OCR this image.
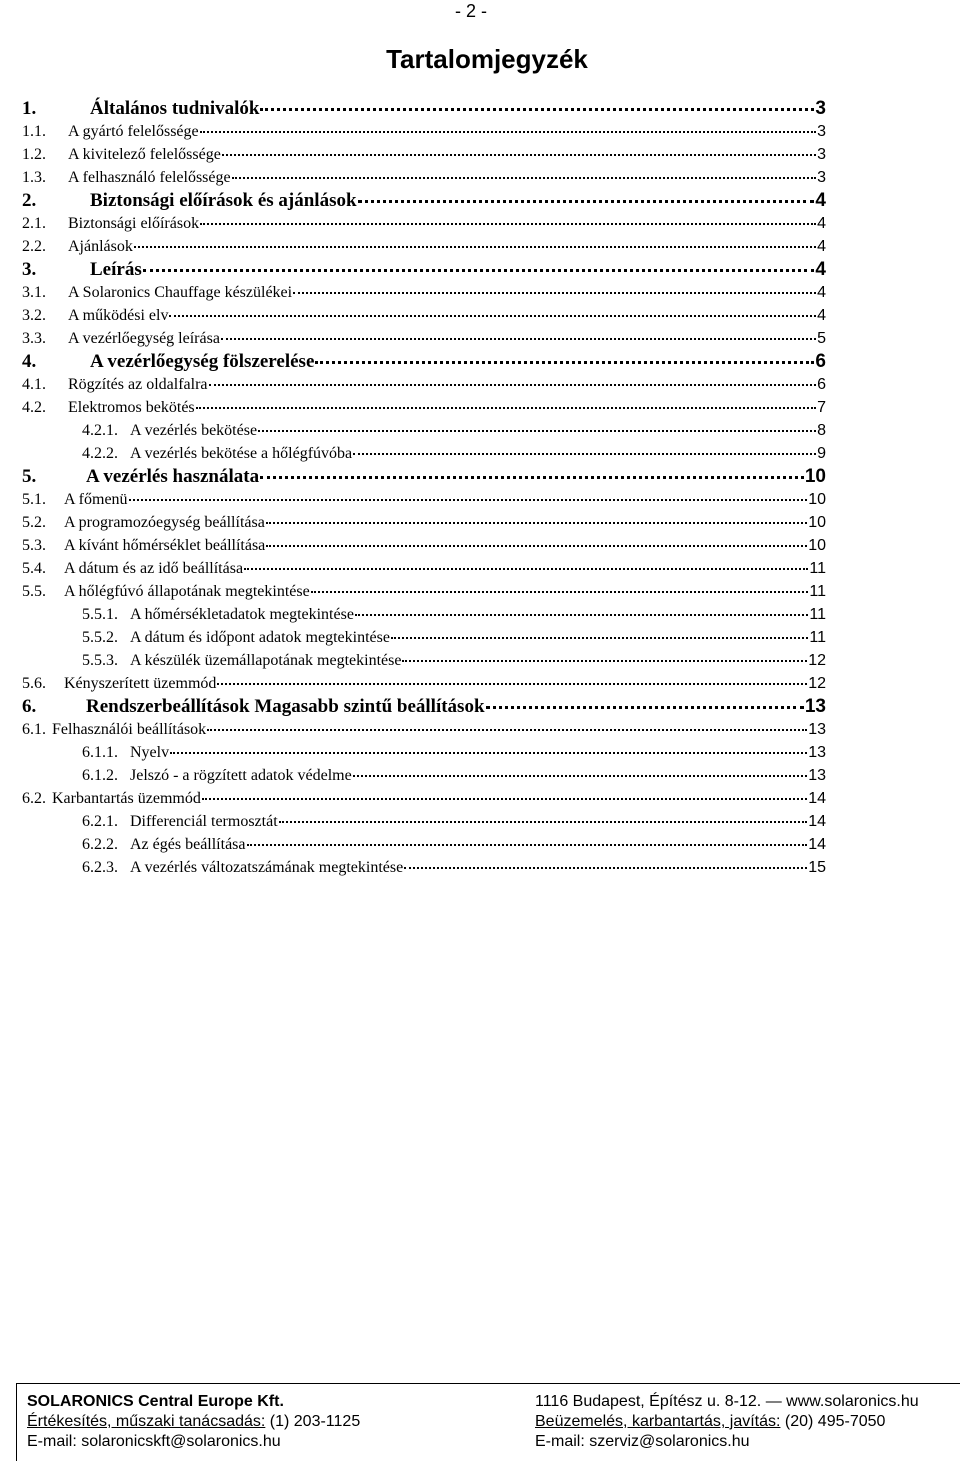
- 2 -
Tartalomjegyzék
1.	Általános tudnivalók	3
1.1.	A gyártó felelőssége	3
1.2.	A kivitelező felelőssége	3
1.3.	A felhasználó felelőssége	3
2.	Biztonsági előírások és ajánlások	4
2.1.	Biztonsági előírások	4
2.2.	Ajánlások	4
3.	Leírás	4
3.1.	A Solaronics Chauffage készülékei	4
3.2.	A működési elv	4
3.3.	A vezérlőegység leírása	5
4.	A vezérlőegység fölszerelése	6
4.1.	Rögzítés az oldalfalra	6
4.2.	Elektromos bekötés	7
4.2.1. A vezérlés bekötése	8
4.2.2. A vezérlés bekötése a hőlégfúvóba	9
5.	A vezérlés használata	10
5.1.	A főmenü	10
5.2.	A programozóegység beállítása	10
5.3.	A kívánt hőmérséklet beállítása	10
5.4.	A dátum és az idő beállítása	11
5.5.	A hőlégfúvó állapotának megtekintése	11
5.5.1. A hőmérsékletadatok megtekintése	11
5.5.2. A dátum és időpont adatok megtekintése	11
5.5.3. A készülék üzemállapotának megtekintése	12
5.6.	Kényszerített üzemmód	12
6.	Rendszerbeállítások Magasabb szintű beállítások	13
6.1. Felhasználói beállítások	13
6.1.1. Nyelv	13
6.1.2. Jelszó - a rögzített adatok védelme	13
6.2. Karbantartás üzemmód	14
6.2.1. Differenciál termosztát	14
6.2.2. Az égés beállítása	14
6.2.3. A vezérlés változatszámának megtekintése	15
SOLARONICS Central Europe Kft.
Értékesítés, műszaki tanácsadás: (1) 203-1125
E-mail: solaronicskft@solaronics.hu
1116 Budapest, Építész u. 8-12. — www.solaronics.hu
Beüzemelés, karbantartás, javítás: (20) 495-7050
E-mail: szerviz@solaronics.hu
